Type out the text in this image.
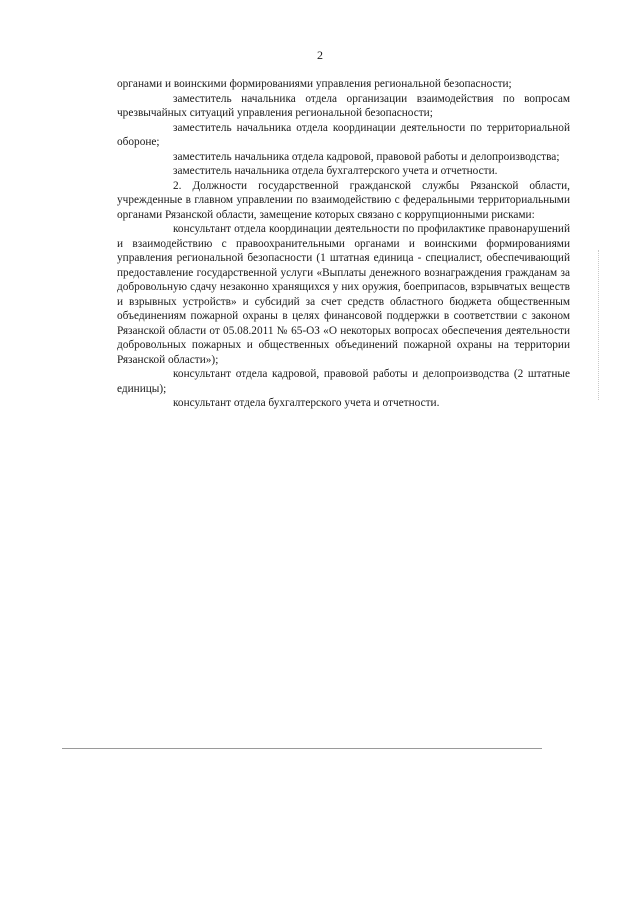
2

органами и воинскими формированиями управления региональной безопасности;

заместитель начальника отдела организации взаимодействия по вопросам чрезвычайных ситуаций управления региональной безопасности;

заместитель начальника отдела координации деятельности по территориальной обороне;

заместитель начальника отдела кадровой, правовой работы и делопроизводства;

заместитель начальника отдела бухгалтерского учета и отчетности.

2. Должности государственной гражданской службы Рязанской области, учрежденные в главном управлении по взаимодействию с федеральными территориальными органами Рязанской области, замещение которых связано с коррупционными рисками:

консультант отдела координации деятельности по профилактике правонарушений и взаимодействию с правоохранительными органами и воинскими формированиями управления региональной безопасности (1 штатная единица - специалист, обеспечивающий предоставление государственной услуги «Выплаты денежного вознаграждения гражданам за добровольную сдачу незаконно хранящихся у них оружия, боеприпасов, взрывчатых веществ и взрывных устройств» и субсидий за счет средств областного бюджета общественным объединениям пожарной охраны в целях финансовой поддержки в соответствии с законом Рязанской области от 05.08.2011 № 65-ОЗ «О некоторых вопросах обеспечения деятельности добровольных пожарных и общественных объединений пожарной охраны на территории Рязанской области»);

консультант отдела кадровой, правовой работы и делопроизводства (2 штатные единицы);

консультант отдела бухгалтерского учета и отчетности.
